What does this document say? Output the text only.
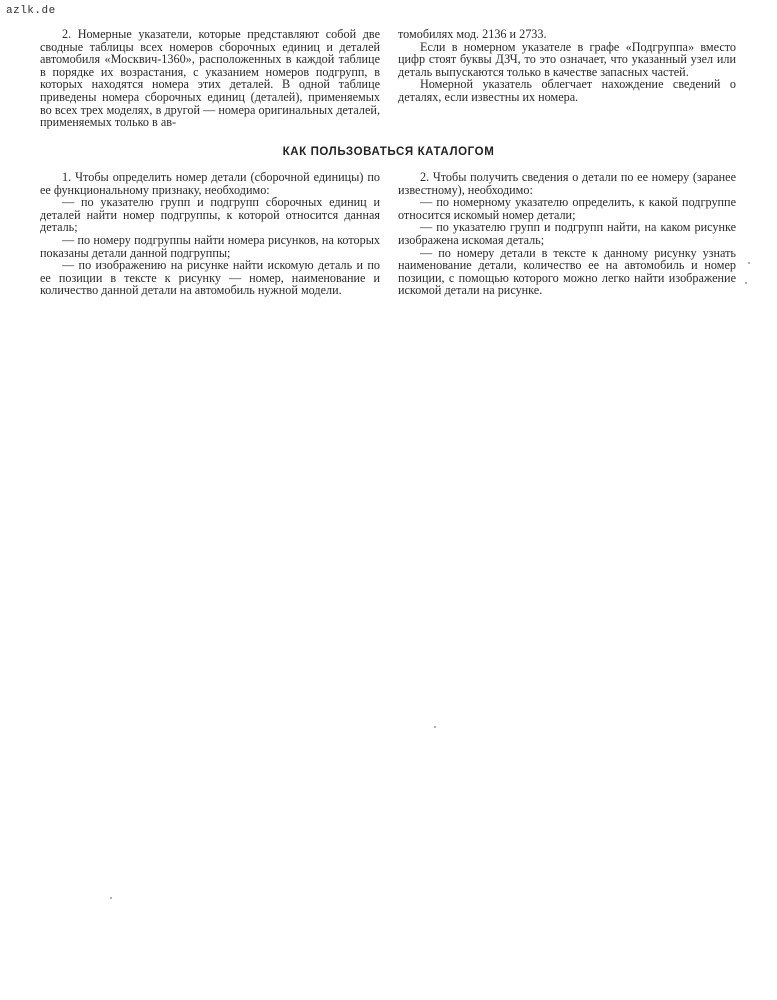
azlk.de

2. Номерные указатели, которые представляют собой две сводные таблицы всех номеров сборочных единиц и деталей автомобиля «Москвич-1360», расположенных в каждой таблице в порядке их возрастания, с указанием номеров подгрупп, в которых находятся номера этих деталей. В одной таблице приведены номера сборочных единиц (деталей), применяемых во всех трех моделях, в другой — номера оригинальных деталей, применяемых только в ав-

томобилях мод. 2136 и 2733.

Если в номерном указателе в графе «Подгруппа» вместо цифр стоят буквы ДЗЧ, то это означает, что указанный узел или деталь выпускаются только в качестве запасных частей.

Номерной указатель облегчает нахождение сведений о деталях, если известны их номера.

КАК ПОЛЬЗОВАТЬСЯ КАТАЛОГОМ

1. Чтобы определить номер детали (сборочной единицы) по ее функциональному признаку, необходимо:

— по указателю групп и подгрупп сборочных единиц и деталей найти номер подгруппы, к которой относится данная деталь;

— по номеру подгруппы найти номера рисунков, на которых показаны детали данной подгруппы;

— по изображению на рисунке найти искомую деталь и по ее позиции в тексте к рисунку — номер, наименование и количество данной детали на автомобиль нужной модели.

2. Чтобы получить сведения о детали по ее номеру (заранее известному), необходимо:

— по номерному указателю определить, к какой подгруппе относится искомый номер детали;

— по указателю групп и подгрупп найти, на каком рисунке изображена искомая деталь;

— по номеру детали в тексте к данному рисунку узнать наименование детали, количество ее на автомобиль и номер позиции, с помощью которого можно легко найти изображение искомой детали на рисунке.
